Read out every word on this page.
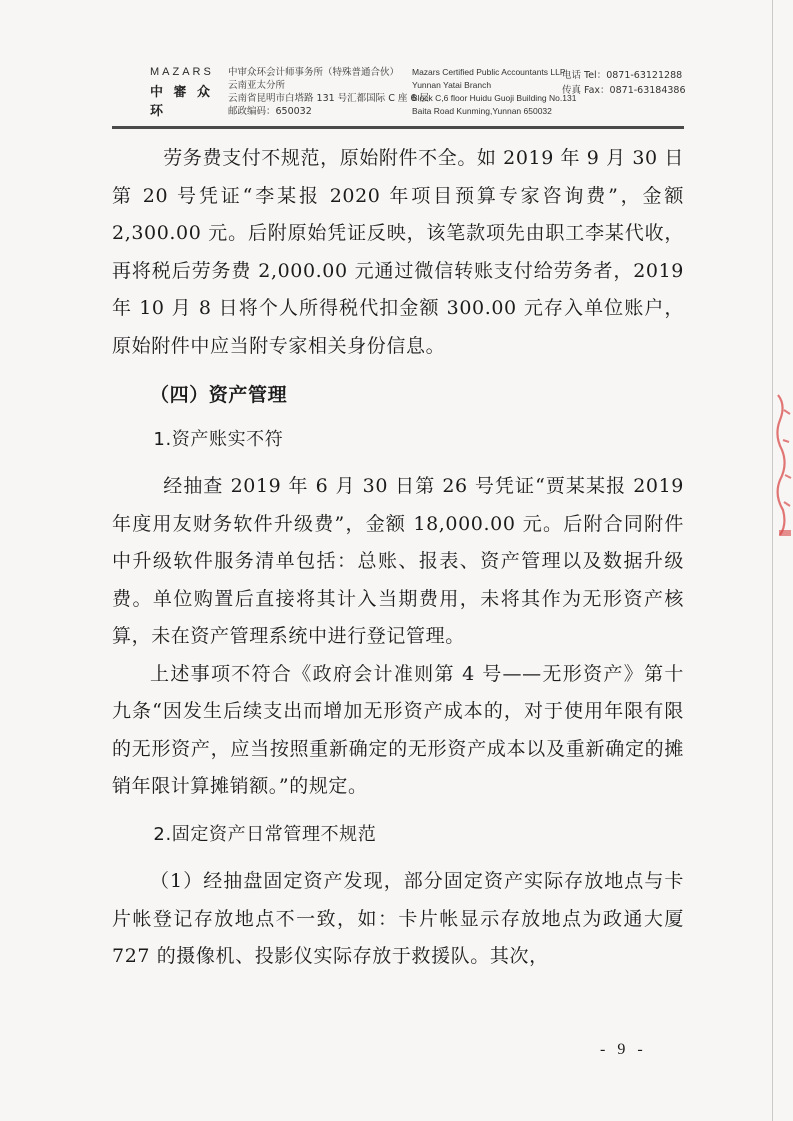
MAZARS
中 審 众 环
中审众环会计师事务所（特殊普通合伙）
云南亚太分所
云南省昆明市白塔路 131 号汇都国际 C 座 6 层
邮政编码：650032
Mazars Certified Public Accountants LLP
Yunnan Yatai Branch
Block C,6 floor Huidu Guoji Building No.131
Baita Road Kunming,Yunnan 650032
电话 Tel：0871-63121288
传真 Fax：0871-63184386

劳务费支付不规范，原始附件不全。如 2019 年 9 月 30 日第 20 号凭证“李某报 2020 年项目预算专家咨询费”，金额 2,300.00 元。后附原始凭证反映，该笔款项先由职工李某代收，再将税后劳务费 2,000.00 元通过微信转账支付给劳务者，2019 年 10 月 8 日将个人所得税代扣金额 300.00 元存入单位账户，原始附件中应当附专家相关身份信息。

（四）资产管理

1.资产账实不符

经抽查 2019 年 6 月 30 日第 26 号凭证“贾某某报 2019 年度用友财务软件升级费”，金额 18,000.00 元。后附合同附件中升级软件服务清单包括：总账、报表、资产管理以及数据升级费。单位购置后直接将其计入当期费用，未将其作为无形资产核算，未在资产管理系统中进行登记管理。

上述事项不符合《政府会计准则第 4 号——无形资产》第十九条“因发生后续支出而增加无形资产成本的，对于使用年限有限的无形资产，应当按照重新确定的无形资产成本以及重新确定的摊销年限计算摊销额。”的规定。

2.固定资产日常管理不规范

（1）经抽盘固定资产发现，部分固定资产实际存放地点与卡片帐登记存放地点不一致，如：卡片帐显示存放地点为政通大厦 727 的摄像机、投影仪实际存放于救援队。其次，

- 9 -
